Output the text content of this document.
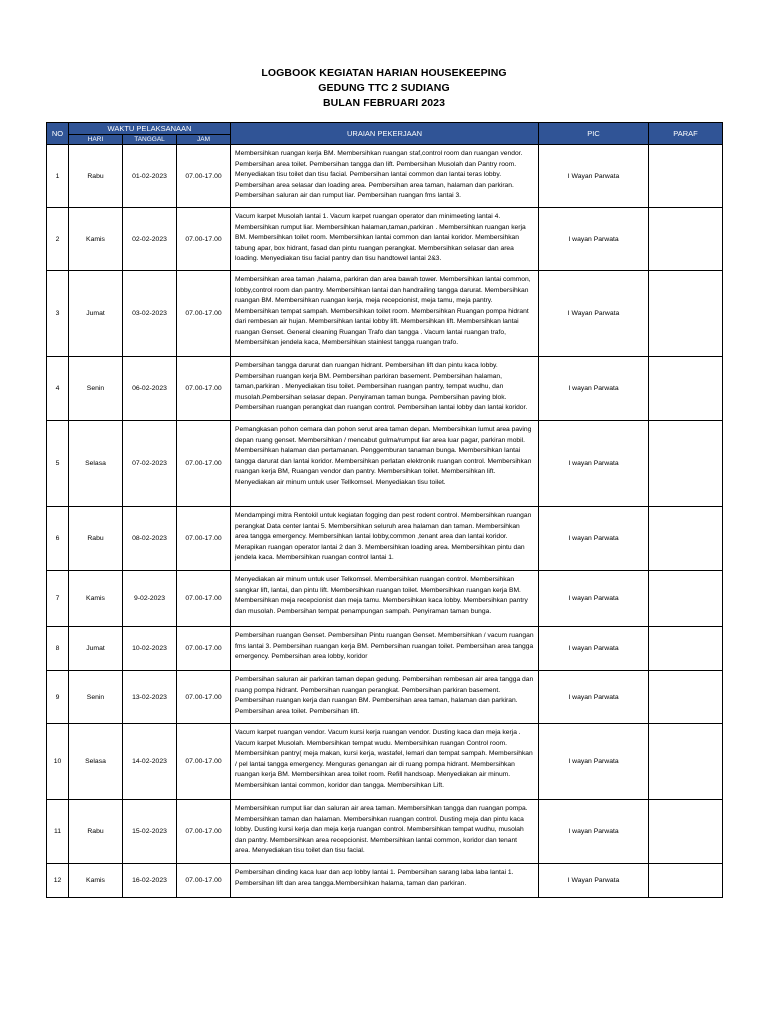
LOGBOOK KEGIATAN HARIAN HOUSEKEEPING
GEDUNG TTC 2 SUDIANG
BULAN FEBRUARI 2023
NO	WAKTU PELAKSANAAN			URAIAN PEKERJAAN	PIC	PARAF
	HARI	TANGGAL	JAM			
1	Rabu	01-02-2023	07.00-17.00	Membersihkan ruangan kerja BM. Membersihkan ruangan staf,control room dan ruangan vendor. Pembersihan area toilet. Pembersihan tangga dan lift. Pembersihan Musolah dan Pantry room. Menyediakan tisu toilet dan tisu facial. Pembersihan lantai common dan lantai teras lobby. Pembersihan area selasar dan loading area. Pembersihan area taman, halaman dan parkiran. Pembersihan saluran air dan rumput liar. Pembersihan ruangan fms lantai 3.	I Wayan Parwata	
2	Kamis	02-02-2023	07.00-17.00	Vacum karpet Musolah lantai 1. Vacum karpet ruangan operator dan minimeeting lantai 4. Membersihkan rumput liar. Membersihkan halaman,taman,parkiran . Membersihkan ruangan kerja BM. Membersihkan toilet room. Membersihkan lantai common dan lantai koridor. Membersihkan tabung apar, box hidrant, fasad dan pintu ruangan perangkat. Membersihkan selasar dan area loading. Menyediakan tisu facial pantry dan tisu handtowel lantai 2&3.	I wayan Parwata	
3	Jumat	03-02-2023	07.00-17.00	Membersihkan area taman ,halama, parkiran dan area bawah tower. Membersihkan lantai common, lobby,control room dan pantry. Membersihkan lantai dan handrailing tangga darurat. Membersihkan ruangan BM. Membersihkan ruangan kerja, meja recepcionist, meja tamu, meja pantry. Membersihkan tempat sampah. Membersihkan toilet room. Membersihkan Ruangan pompa hidrant dari rembesan air hujan. Membersihkan lantai lobby lift. Membersihkan lift. Membersihkan lantai ruangan Genset. General cleaning Ruangan Trafo dan tangga . Vacum lantai ruangan trafo, Membersihkan jendela kaca, Membersihkan stainlest tangga ruangan trafo.	I Wayan Parwata	
4	Senin	06-02-2023	07.00-17.00	Pembersihan tangga darurat dan ruangan hidrant. Pembersihan lift dan pintu kaca lobby. Pembersihan ruangan kerja BM. Pembersihan parkiran basement. Pembersihan halaman, taman,parkiran . Menyediakan tisu toilet. Pembersihan ruangan pantry, tempat wudhu, dan musolah.Pembersihan selasar depan. Penyiraman taman bunga. Pembersihan paving blok. Pembersihan ruangan perangkat dan ruangan control. Pembersihan lantai lobby dan lantai koridor.	I wayan Parwata	
5	Selasa	07-02-2023	07.00-17.00	Pemangkasan pohon cemara dan pohon serut area taman depan. Membersihkan lumut area paving depan ruang genset. Membersihkan / mencabut gulma/rumput liar area luar pagar, parkiran mobil. Membersihkan halaman dan pertamanan. Penggemburan tanaman bunga. Membersihkan lantai tangga darurat dan lantai koridor. Membersihkan perlatan elektronik ruangan control. Membersihkan ruangan kerja BM, Ruangan vendor dan pantry. Membersihkan toilet. Membersihkan lift. Menyediakan air minum untuk user Tellkomsel. Menyediakan tisu toilet.	I wayan Parwata	
6	Rabu	08-02-2023	07.00-17.00	Mendampingi mitra Rentokil untuk kegiatan fogging dan pest rodent control. Membersihkan ruangan perangkat Data center lantai 5. Membersihkan seluruh area halaman dan taman. Membersihkan area tangga emergency. Membersihkan lantai lobby,common ,tenant area dan lantai koridor. Merapikan ruangan operator lantai 2 dan 3. Membersihkan loading area. Membersihkan pintu dan jendela kaca. Membersihkan ruangan control lantai 1.	I wayan Parwata	
7	Kamis	9-02-2023	07.00-17.00	Menyediakan air minum untuk user Telkomsel. Membersihkan ruangan control. Membersihkan sangkar lift, lantai, dan pintu lift. Membersihkan ruangan toilet. Membersihkan ruangan kerja BM. Membersihkan meja recepcionist dan meja tamu. Membersihkan kaca lobby. Membersihkan pantry dan musolah. Pembersihan tempat penampungan sampah. Penyiraman taman bunga.	I wayan Parwata	
8	Jumat	10-02-2023	07.00-17.00	Pembersihan ruangan Genset. Pembersihan Pintu ruangan Genset. Membersihkan / vacum ruangan fms lantai 3. Pembersihan ruangan kerja BM. Pembersihan ruangan toilet. Pembersihan area tangga emergency. Pembersihan area lobby, koridor	I wayan Parwata	
9	Senin	13-02-2023	07.00-17.00	Pembersihan saluran air parkiran taman depan gedung. Pembersihan rembesan air area tangga dan ruang pompa hidrant. Pembersihan ruangan perangkat. Pembersihan parkiran basement. Pembersihan ruangan kerja dan ruangan BM. Pembersihan area taman, halaman dan parkiran. Pembersihan area toilet. Pembersihan lift.	I wayan Parwata	
10	Selasa	14-02-2023	07.00-17.00	Vacum karpet ruangan vendor. Vacum kursi kerja ruangan vendor. Dusting kaca dan meja kerja . Vacum karpet Musolah. Membersihkan tempat wudu. Membersihkan ruangan Control room. Membersihkan pantry( meja makan, kursi kerja, wastafel, lemari dan tempat sampah. Membersihkan / pel lantai tangga emergency. Menguras genangan air di ruang pompa hidrant. Membersihkan ruangan kerja BM. Membersihkan area toilet room. Refill handsoap. Menyediakan air minum. Membersihkan lantai common, koridor dan tangga. Membersihkan Lift.	I wayan Parwata	
11	Rabu	15-02-2023	07.00-17.00	Membersihkan rumput liar dan saluran air area taman. Membersihkan tangga dan ruangan pompa. Membersihkan taman dan halaman. Membersihkan ruangan control. Dusting meja dan pintu kaca lobby. Dusting kursi kerja dan meja kerja ruangan control. Membersihkan tempat wudhu, musolah dan pantry. Membersihkan area recepcionist. Membersihkan lantai common, koridor dan tenant area. Menyediakan tisu toilet dan tisu facial.	I wayan Parwata	
12	Kamis	16-02-2023	07.00-17.00	Pembersihan dinding kaca luar dan acp lobby lantai 1. Pembersihan sarang laba laba lantai 1. Pembersihan lift dan area tangga.Membersihkan halama, taman dan parkiran.	I Wayan Parwata	
